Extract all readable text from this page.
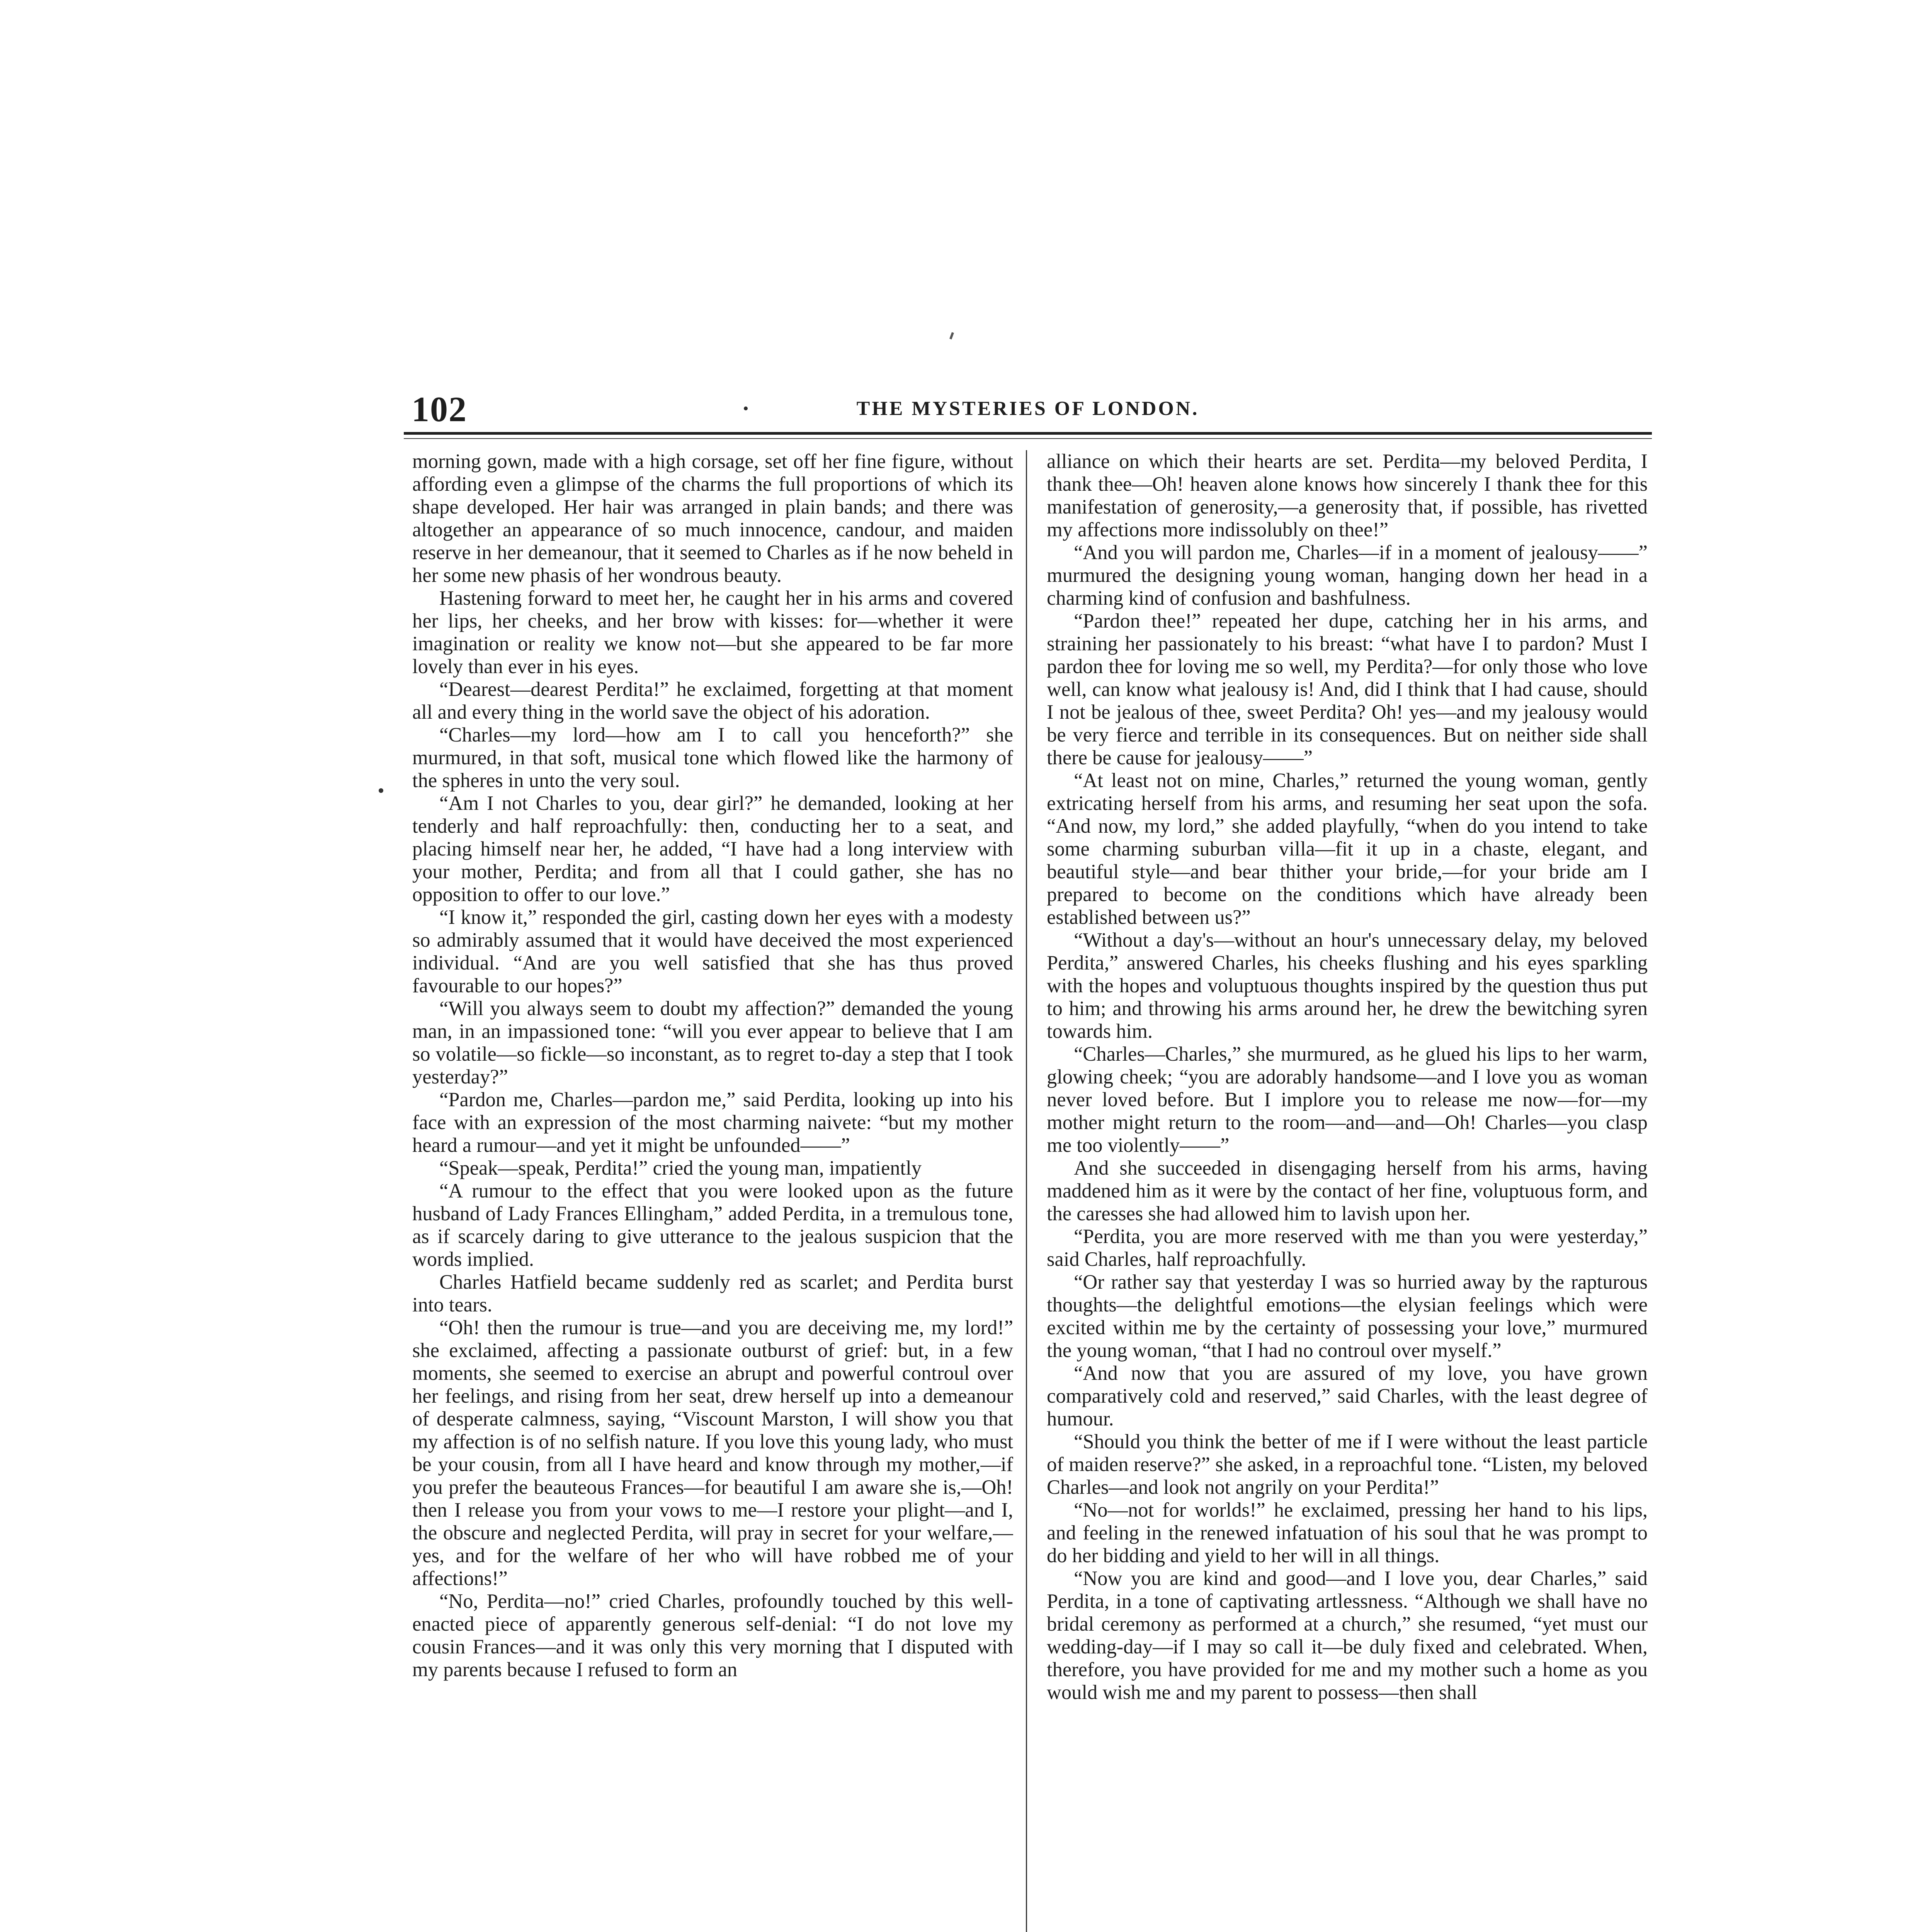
102	THE MYSTERIES OF LONDON.

morning gown, made with a high corsage, set off her fine figure, without affording even a glimpse of the charms the full proportions of which its shape developed. Her hair was arranged in plain bands; and there was altogether an appearance of so much innocence, candour, and maiden reserve in her demeanour, that it seemed to Charles as if he now beheld in her some new phasis of her wondrous beauty.

Hastening forward to meet her, he caught her in his arms and covered her lips, her cheeks, and her brow with kisses: for—whether it were imagination or reality we know not—but she appeared to be far more lovely than ever in his eyes.

“Dearest—dearest Perdita!” he exclaimed, forgetting at that moment all and every thing in the world save the object of his adoration.

“Charles—my lord—how am I to call you henceforth?” she murmured, in that soft, musical tone which flowed like the harmony of the spheres in unto the very soul.

“Am I not Charles to you, dear girl?” he demanded, looking at her tenderly and half reproachfully: then, conducting her to a seat, and placing himself near her, he added, “I have had a long interview with your mother, Perdita; and from all that I could gather, she has no opposition to offer to our love.”

“I know it,” responded the girl, casting down her eyes with a modesty so admirably assumed that it would have deceived the most experienced individual. “And are you well satisfied that she has thus proved favourable to our hopes?”

“Will you always seem to doubt my affection?” demanded the young man, in an impassioned tone: “will you ever appear to believe that I am so volatile—so fickle—so inconstant, as to regret to-day a step that I took yesterday?”

“Pardon me, Charles—pardon me,” said Perdita, looking up into his face with an expression of the most charming naivete: “but my mother heard a rumour—and yet it might be unfounded——”

“Speak—speak, Perdita!” cried the young man, impatiently

“A rumour to the effect that you were looked upon as the future husband of Lady Frances Ellingham,” added Perdita, in a tremulous tone, as if scarcely daring to give utterance to the jealous suspicion that the words implied.

Charles Hatfield became suddenly red as scarlet; and Perdita burst into tears.

“Oh! then the rumour is true—and you are deceiving me, my lord!” she exclaimed, affecting a passionate outburst of grief: but, in a few moments, she seemed to exercise an abrupt and powerful controul over her feelings, and rising from her seat, drew herself up into a demeanour of desperate calmness, saying, “Viscount Marston, I will show you that my affection is of no selfish nature. If you love this young lady, who must be your cousin, from all I have heard and know through my mother,—if you prefer the beauteous Frances—for beautiful I am aware she is,—Oh! then I release you from your vows to me—I restore your plight—and I, the obscure and neglected Perdita, will pray in secret for your welfare,—yes, and for the welfare of her who will have robbed me of your affections!”

“No, Perdita—no!” cried Charles, profoundly touched by this well-enacted piece of apparently generous self-denial: “I do not love my cousin Frances—and it was only this very morning that I disputed with my parents because I refused to form an

alliance on which their hearts are set. Perdita—my beloved Perdita, I thank thee—Oh! heaven alone knows how sincerely I thank thee for this manifestation of generosity,—a generosity that, if possible, has rivetted my affections more indissolubly on thee!”

“And you will pardon me, Charles—if in a moment of jealousy——” murmured the designing young woman, hanging down her head in a charming kind of confusion and bashfulness.

“Pardon thee!” repeated her dupe, catching her in his arms, and straining her passionately to his breast: “what have I to pardon? Must I pardon thee for loving me so well, my Perdita?—for only those who love well, can know what jealousy is! And, did I think that I had cause, should I not be jealous of thee, sweet Perdita? Oh! yes—and my jealousy would be very fierce and terrible in its consequences. But on neither side shall there be cause for jealousy——”

“At least not on mine, Charles,” returned the young woman, gently extricating herself from his arms, and resuming her seat upon the sofa. “And now, my lord,” she added playfully, “when do you intend to take some charming suburban villa—fit it up in a chaste, elegant, and beautiful style—and bear thither your bride,—for your bride am I prepared to become on the conditions which have already been established between us?”

“Without a day's—without an hour's unnecessary delay, my beloved Perdita,” answered Charles, his cheeks flushing and his eyes sparkling with the hopes and voluptuous thoughts inspired by the question thus put to him; and throwing his arms around her, he drew the bewitching syren towards him.

“Charles—Charles,” she murmured, as he glued his lips to her warm, glowing cheek; “you are adorably handsome—and I love you as woman never loved before. But I implore you to release me now—for—my mother might return to the room—and—and—Oh! Charles—you clasp me too violently——”

And she succeeded in disengaging herself from his arms, having maddened him as it were by the contact of her fine, voluptuous form, and the caresses she had allowed him to lavish upon her.

“Perdita, you are more reserved with me than you were yesterday,” said Charles, half reproachfully.

“Or rather say that yesterday I was so hurried away by the rapturous thoughts—the delightful emotions—the elysian feelings which were excited within me by the certainty of possessing your love,” murmured the young woman, “that I had no controul over myself.”

“And now that you are assured of my love, you have grown comparatively cold and reserved,” said Charles, with the least degree of humour.

“Should you think the better of me if I were without the least particle of maiden reserve?” she asked, in a reproachful tone. “Listen, my beloved Charles—and look not angrily on your Perdita!”

“No—not for worlds!” he exclaimed, pressing her hand to his lips, and feeling in the renewed infatuation of his soul that he was prompt to do her bidding and yield to her will in all things.

“Now you are kind and good—and I love you, dear Charles,” said Perdita, in a tone of captivating artlessness. “Although we shall have no bridal ceremony as performed at a church,” she resumed, “yet must our wedding-day—if I may so call it—be duly fixed and celebrated. When, therefore, you have provided for me and my mother such a home as you would wish me and my parent to possess—then shall
